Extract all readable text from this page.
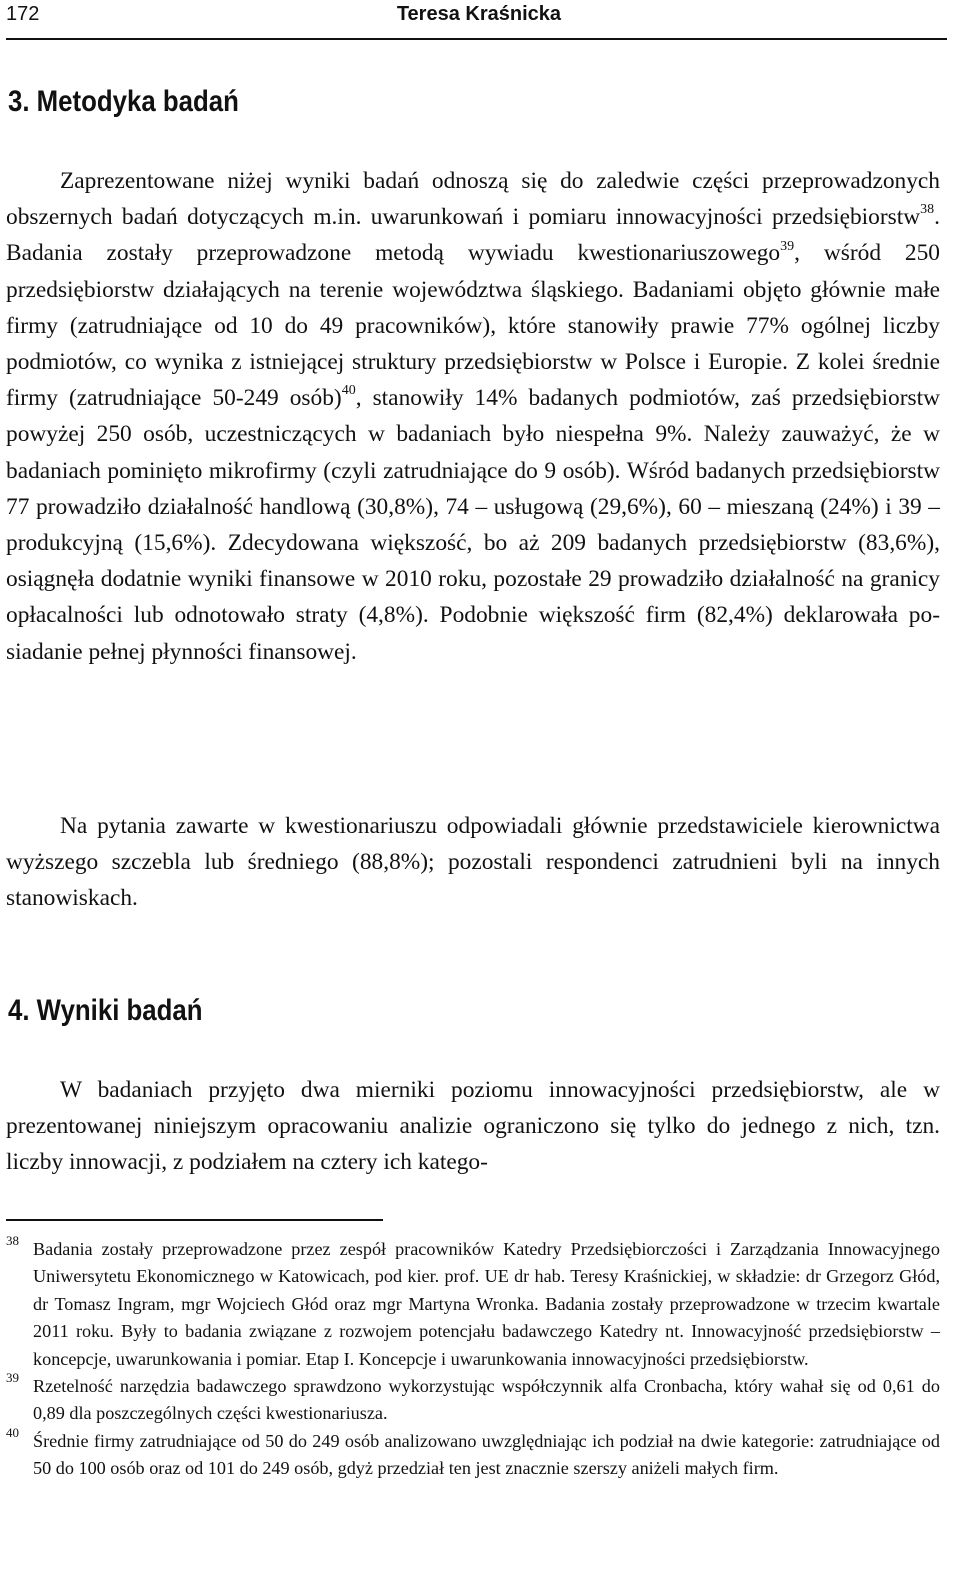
172	Teresa Kraśnicka
3. Metodyka badań

Zaprezentowane niżej wyniki badań odnoszą się do zaledwie części przeprowadzonych obszernych badań dotyczących m.in. uwarunkowań i pomiaru innowacyjności przedsiębiorstw$^{38}$. Badania zostały przeprowadzone metodą wywiadu kwestionariuszowego$^{39}$, wśród 250 przedsiębiorstw działających na terenie województwa śląskiego. Badaniami objęto głównie małe firmy (zatrudniające od 10 do 49 pracowników), które stanowiły prawie 77% ogólnej liczby podmiotów, co wynika z istniejącej struktury przedsiębiorstw w Polsce i Europie. Z kolei średnie firmy (zatrudniające 50-249 osób)$^{40}$, stanowiły 14% badanych podmiotów, zaś przedsiębiorstw powyżej 250 osób, uczestniczących w badaniach było niespełna 9%. Należy zauważyć, że w badaniach pominięto mikrofirmy (czyli zatrudniające do 9 osób). Wśród badanych przedsiębiorstw 77 prowadziło działalność handlową (30,8%), 74 – usługową (29,6%), 60 – mieszaną (24%) i 39 – produkcyjną (15,6%). Zdecydowana większość, bo aż 209 badanych przedsiębiorstw (83,6%), osiągnęła dodatnie wyniki finansowe w 2010 roku, pozostałe 29 prowadziło działalność na granicy opłacalności lub odnotowało straty (4,8%). Podobnie większość firm (82,4%) deklarowała posiadanie pełnej płynności finansowej.

Na pytania zawarte w kwestionariuszu odpowiadali głównie przedstawiciele kierownictwa wyższego szczebla lub średniego (88,8%); pozostali respondenci zatrudnieni byli na innych stanowiskach.

4. Wyniki badań

W badaniach przyjęto dwa mierniki poziomu innowacyjności przedsiębiorstw, ale w prezentowanej niniejszym opracowaniu analizie ograniczono się tylko do jednego z nich, tzn. liczby innowacji, z podziałem na cztery ich katego-

38 Badania zostały przeprowadzone przez zespół pracowników Katedry Przedsiębiorczości i Zarządzania Innowacyjnego Uniwersytetu Ekonomicznego w Katowicach, pod kier. prof. UE dr hab. Teresy Kraśnickiej, w składzie: dr Grzegorz Głód, dr Tomasz Ingram, mgr Wojciech Głód oraz mgr Martyna Wronka. Badania zostały przeprowadzone w trzecim kwartale 2011 roku. Były to badania związane z rozwojem potencjału badawczego Katedry nt. Innowacyjność przedsiębiorstw – koncepcje, uwarunkowania i pomiar. Etap I. Koncepcje i uwarunkowania innowacyjności przedsiębiorstw.

39 Rzetelność narzędzia badawczego sprawdzono wykorzystując współczynnik alfa Cronbacha, który wahał się od 0,61 do 0,89 dla poszczególnych części kwestionariusza.

40 Średnie firmy zatrudniające od 50 do 249 osób analizowano uwzględniając ich podział na dwie kategorie: zatrudniające od 50 do 100 osób oraz od 101 do 249 osób, gdyż przedział ten jest znacznie szerszy aniżeli małych firm.
